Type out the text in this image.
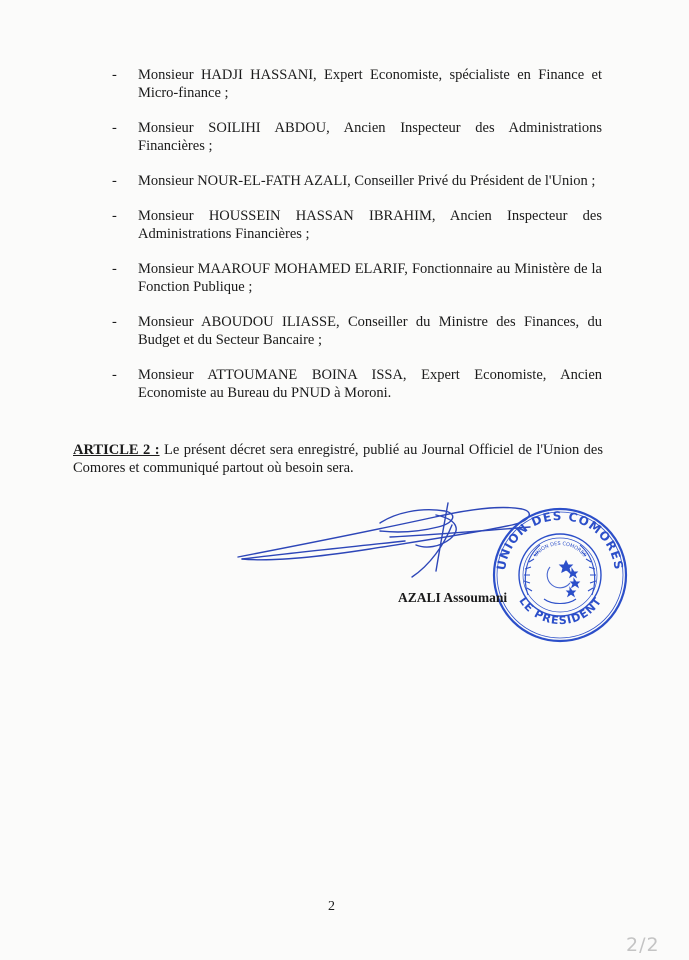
- Monsieur HADJI HASSANI, Expert Economiste, spécialiste en Finance et Micro-finance ;
- Monsieur SOILIHI ABDOU, Ancien Inspecteur des Administrations Financières ;
- Monsieur NOUR-EL-FATH AZALI, Conseiller Privé du Président de l'Union ;
- Monsieur HOUSSEIN HASSAN IBRAHIM, Ancien Inspecteur des Administrations Financières ;
- Monsieur MAAROUF MOHAMED ELARIF, Fonctionnaire au Ministère de la Fonction Publique ;
- Monsieur ABOUDOU ILIASSE, Conseiller du Ministre des Finances, du Budget et du Secteur Bancaire ;
- Monsieur ATTOUMANE BOINA ISSA, Expert Economiste, Ancien Economiste au Bureau du PNUD à Moroni.
ARTICLE 2 : Le présent décret sera enregistré, publié au Journal Officiel de l'Union des Comores et communiqué partout où besoin sera.
UNION DES COMORES
LE PRESIDENT
UNION DES COMORES
AZALI Assoumani
2
2/2
